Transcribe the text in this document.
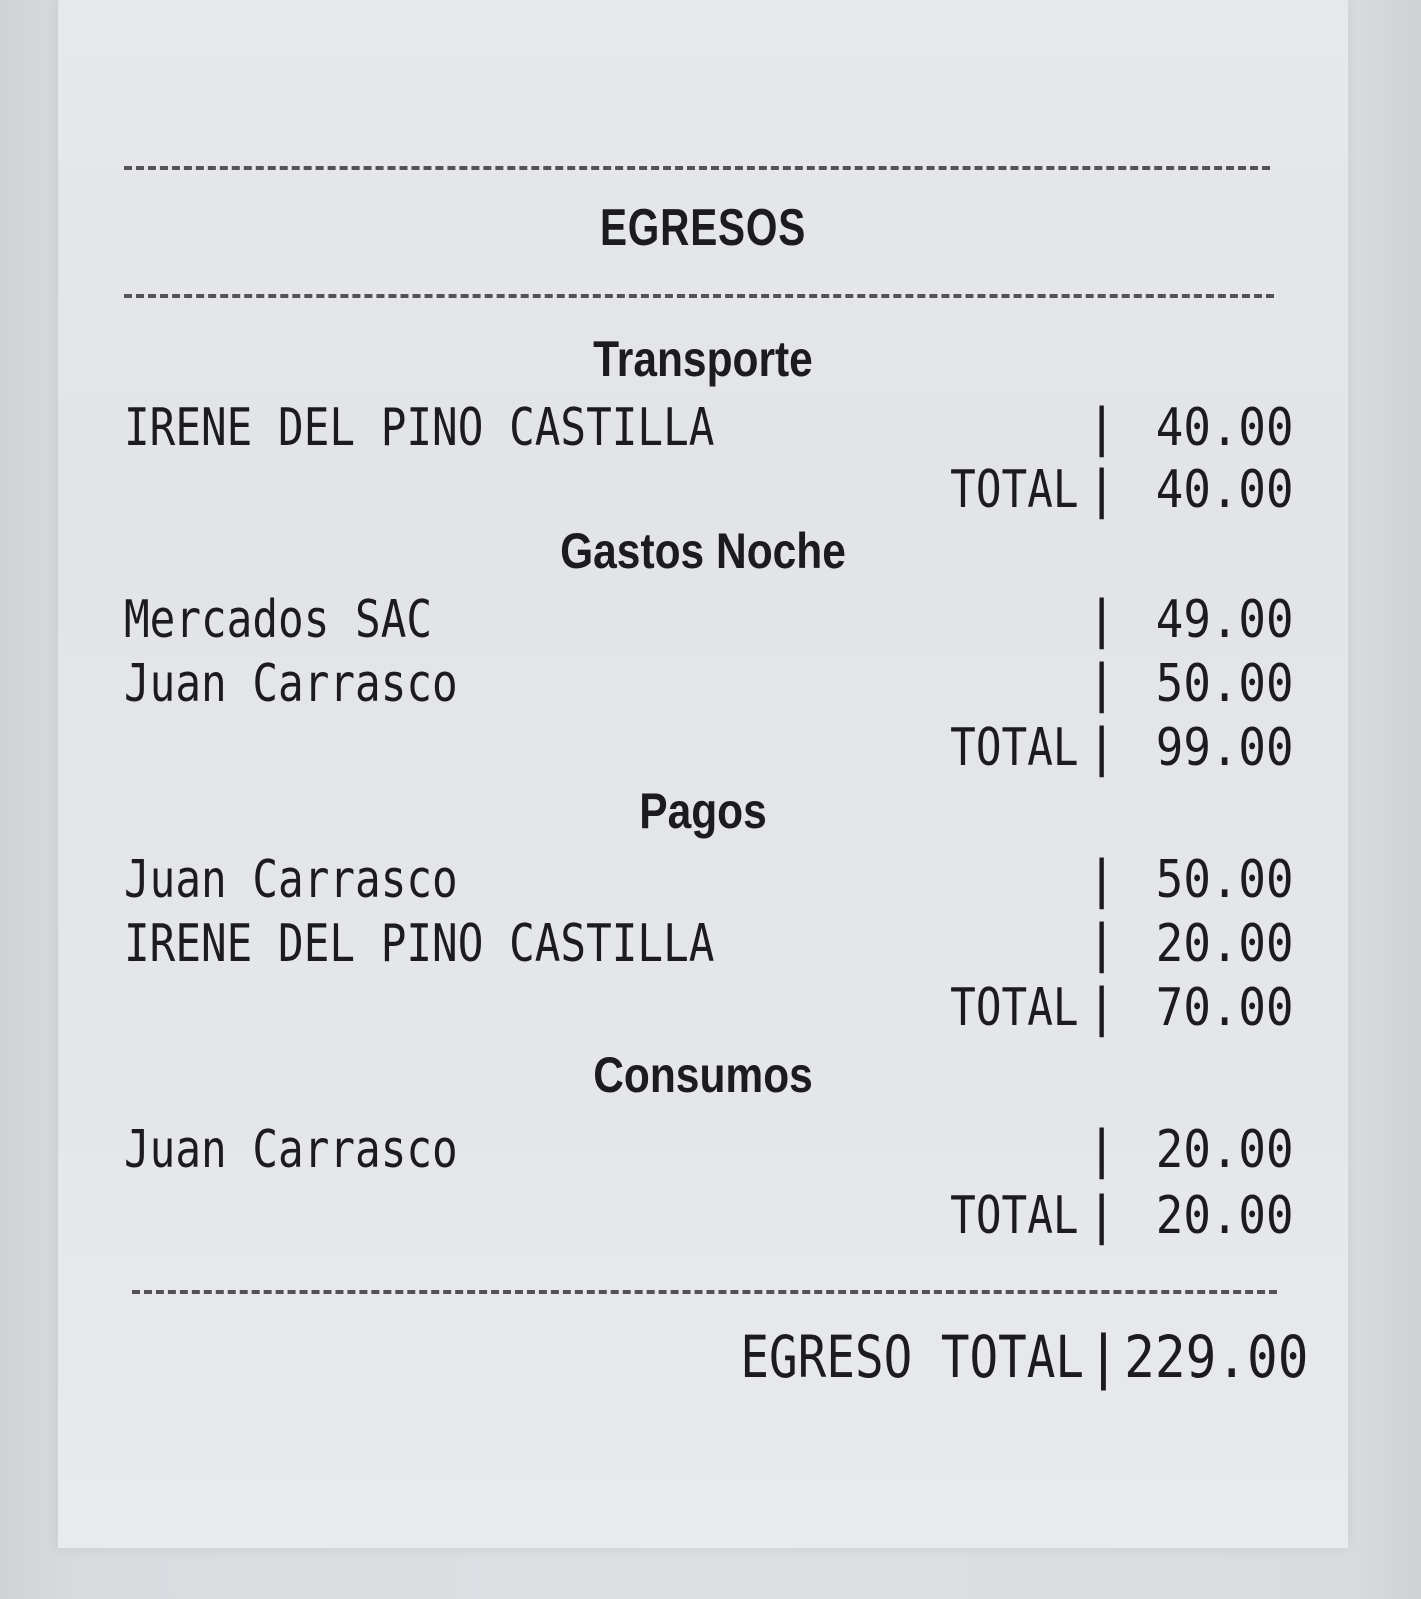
EGRESOS
Transporte
IRENE DEL PINO CASTILLA	| 40.00
TOTAL | 40.00
Gastos Noche
Mercados SAC	| 49.00
Juan Carrasco	| 50.00
TOTAL | 99.00
Pagos
Juan Carrasco	| 50.00
IRENE DEL PINO CASTILLA	| 20.00
TOTAL | 70.00
Consumos
Juan Carrasco	| 20.00
TOTAL | 20.00
EGRESO TOTAL | 229.00
